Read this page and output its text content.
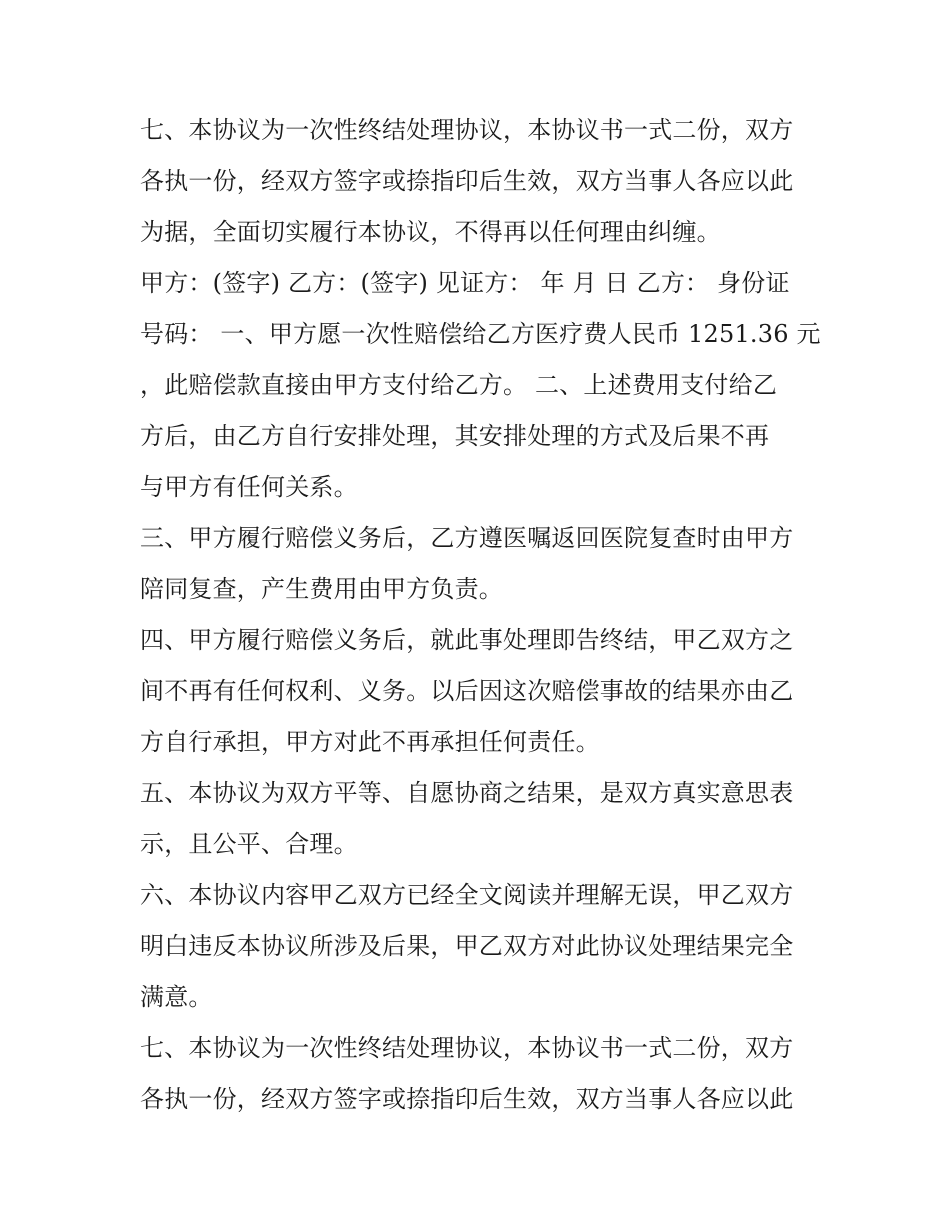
七、本协议为一次性终结处理协议，本协议书一式二份，双方
各执一份，经双方签字或捺指印后生效，双方当事人各应以此
为据，全面切实履行本协议，不得再以任何理由纠缠。

甲方：(签字) 乙方：(签字) 见证方： 年 月 日 乙方： 身份证
号码： 一、甲方愿一次性赔偿给乙方医疗费人民币 1251.36 元
，此赔偿款直接由甲方支付给乙方。 二、上述费用支付给乙
方后，由乙方自行安排处理，其安排处理的方式及后果不再
与甲方有任何关系。

三、甲方履行赔偿义务后，乙方遵医嘱返回医院复查时由甲方
陪同复查，产生费用由甲方负责。

四、甲方履行赔偿义务后，就此事处理即告终结，甲乙双方之
间不再有任何权利、义务。以后因这次赔偿事故的结果亦由乙
方自行承担，甲方对此不再承担任何责任。

五、本协议为双方平等、自愿协商之结果，是双方真实意思表
示，且公平、合理。

六、本协议内容甲乙双方已经全文阅读并理解无误，甲乙双方
明白违反本协议所涉及后果，甲乙双方对此协议处理结果完全
满意。

七、本协议为一次性终结处理协议，本协议书一式二份，双方
各执一份，经双方签字或捺指印后生效，双方当事人各应以此
